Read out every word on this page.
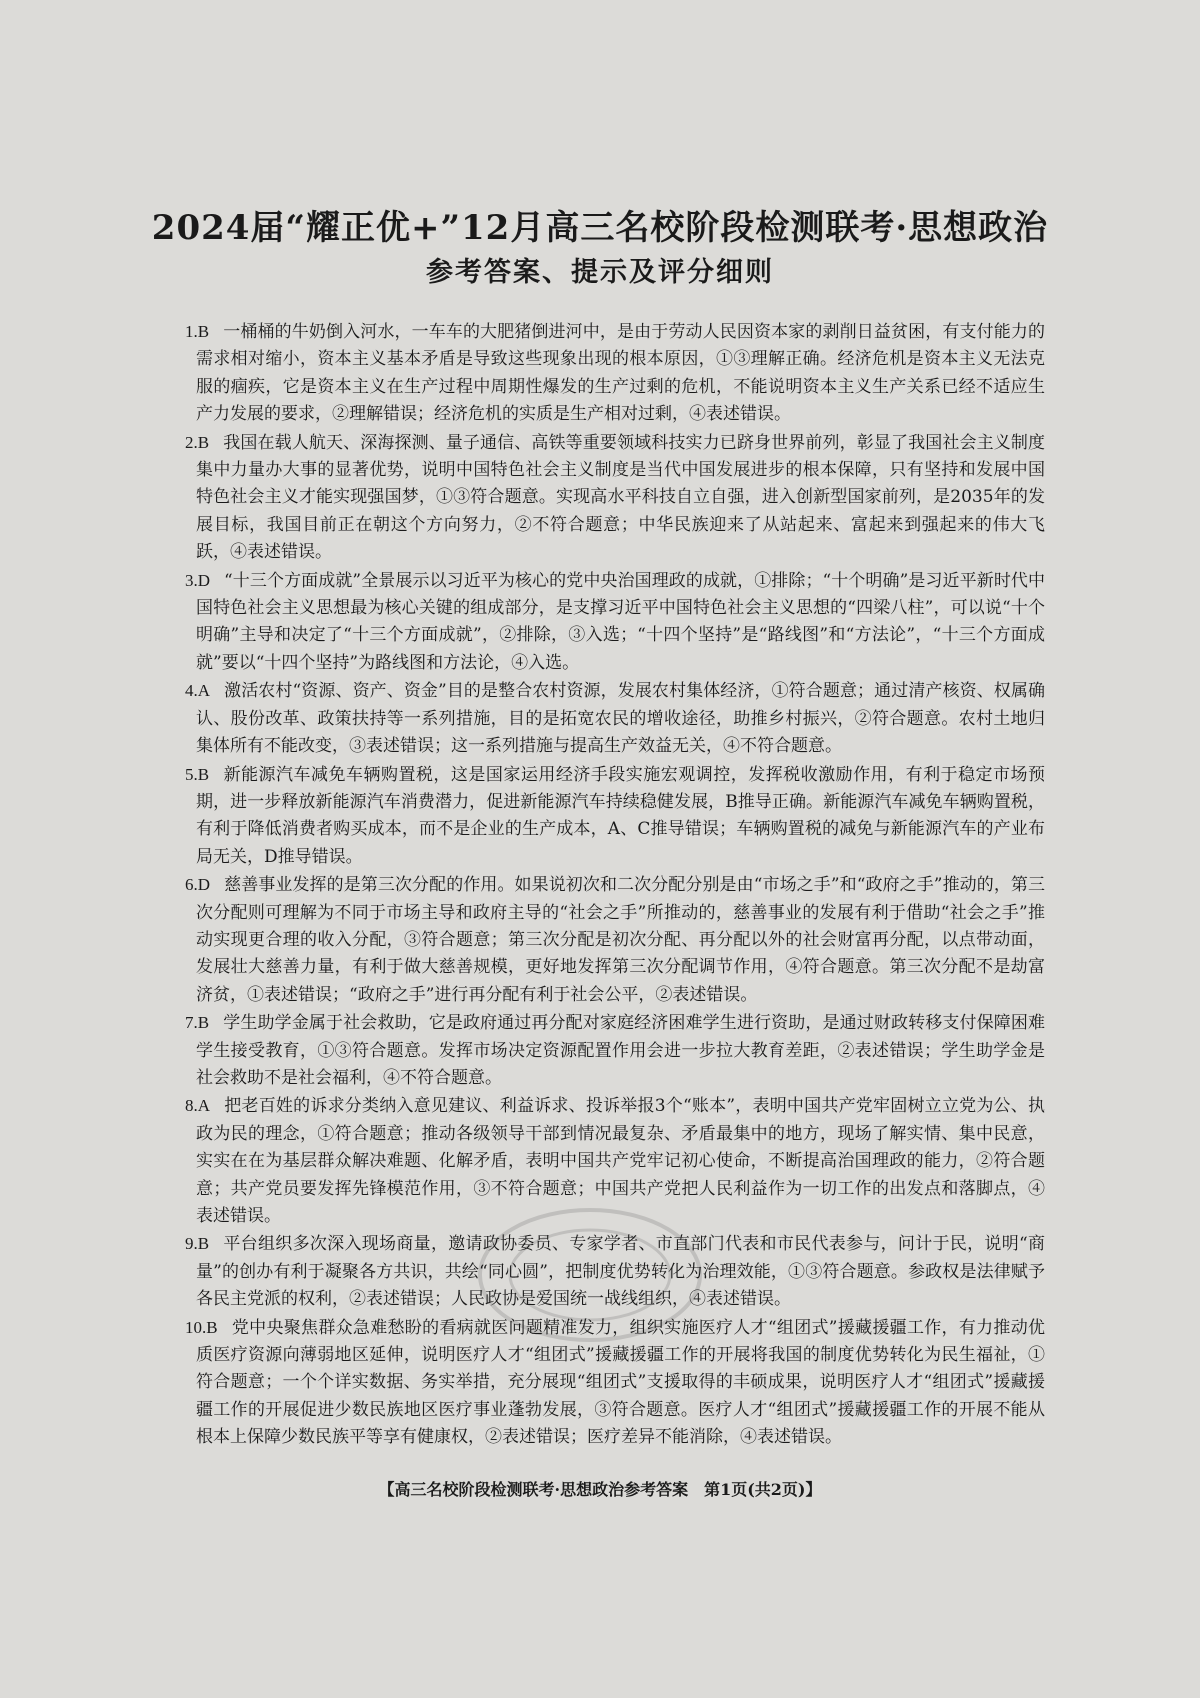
2024届“耀正优+”12月高三名校阶段检测联考·思想政治
参考答案、提示及评分细则

1.B 一桶桶的牛奶倒入河水，一车车的大肥猪倒进河中，是由于劳动人民因资本家的剥削日益贫困，有支付能力的需求相对缩小，资本主义基本矛盾是导致这些现象出现的根本原因，①③理解正确。经济危机是资本主义无法克服的痼疾，它是资本主义在生产过程中周期性爆发的生产过剩的危机，不能说明资本主义生产关系已经不适应生产力发展的要求，②理解错误；经济危机的实质是生产相对过剩，④表述错误。

2.B 我国在载人航天、深海探测、量子通信、高铁等重要领域科技实力已跻身世界前列，彰显了我国社会主义制度集中力量办大事的显著优势，说明中国特色社会主义制度是当代中国发展进步的根本保障，只有坚持和发展中国特色社会主义才能实现强国梦，①③符合题意。实现高水平科技自立自强，进入创新型国家前列，是2035年的发展目标，我国目前正在朝这个方向努力，②不符合题意；中华民族迎来了从站起来、富起来到强起来的伟大飞跃，④表述错误。

3.D “十三个方面成就”全景展示以习近平为核心的党中央治国理政的成就，①排除；“十个明确”是习近平新时代中国特色社会主义思想最为核心关键的组成部分，是支撑习近平中国特色社会主义思想的“四梁八柱”，可以说“十个明确”主导和决定了“十三个方面成就”，②排除，③入选；“十四个坚持”是“路线图”和“方法论”，“十三个方面成就”要以“十四个坚持”为路线图和方法论，④入选。

4.A 激活农村“资源、资产、资金”目的是整合农村资源，发展农村集体经济，①符合题意；通过清产核资、权属确认、股份改革、政策扶持等一系列措施，目的是拓宽农民的增收途径，助推乡村振兴，②符合题意。农村土地归集体所有不能改变，③表述错误；这一系列措施与提高生产效益无关，④不符合题意。

5.B 新能源汽车减免车辆购置税，这是国家运用经济手段实施宏观调控，发挥税收激励作用，有利于稳定市场预期，进一步释放新能源汽车消费潜力，促进新能源汽车持续稳健发展，B推导正确。新能源汽车减免车辆购置税，有利于降低消费者购买成本，而不是企业的生产成本，A、C推导错误；车辆购置税的减免与新能源汽车的产业布局无关，D推导错误。

6.D 慈善事业发挥的是第三次分配的作用。如果说初次和二次分配分别是由“市场之手”和“政府之手”推动的，第三次分配则可理解为不同于市场主导和政府主导的“社会之手”所推动的，慈善事业的发展有利于借助“社会之手”推动实现更合理的收入分配，③符合题意；第三次分配是初次分配、再分配以外的社会财富再分配，以点带动面，发展壮大慈善力量，有利于做大慈善规模，更好地发挥第三次分配调节作用，④符合题意。第三次分配不是劫富济贫，①表述错误；“政府之手”进行再分配有利于社会公平，②表述错误。

7.B 学生助学金属于社会救助，它是政府通过再分配对家庭经济困难学生进行资助，是通过财政转移支付保障困难学生接受教育，①③符合题意。发挥市场决定资源配置作用会进一步拉大教育差距，②表述错误；学生助学金是社会救助不是社会福利，④不符合题意。

8.A 把老百姓的诉求分类纳入意见建议、利益诉求、投诉举报3个“账本”，表明中国共产党牢固树立立党为公、执政为民的理念，①符合题意；推动各级领导干部到情况最复杂、矛盾最集中的地方，现场了解实情、集中民意，实实在在为基层群众解决难题、化解矛盾，表明中国共产党牢记初心使命，不断提高治国理政的能力，②符合题意；共产党员要发挥先锋模范作用，③不符合题意；中国共产党把人民利益作为一切工作的出发点和落脚点，④表述错误。

9.B 平台组织多次深入现场商量，邀请政协委员、专家学者、市直部门代表和市民代表参与，问计于民，说明“商量”的创办有利于凝聚各方共识，共绘“同心圆”，把制度优势转化为治理效能，①③符合题意。参政权是法律赋予各民主党派的权利，②表述错误；人民政协是爱国统一战线组织，④表述错误。

10.B 党中央聚焦群众急难愁盼的看病就医问题精准发力，组织实施医疗人才“组团式”援藏援疆工作，有力推动优质医疗资源向薄弱地区延伸，说明医疗人才“组团式”援藏援疆工作的开展将我国的制度优势转化为民生福祉，①符合题意；一个个详实数据、务实举措，充分展现“组团式”支援取得的丰硕成果，说明医疗人才“组团式”援藏援疆工作的开展促进少数民族地区医疗事业蓬勃发展，③符合题意。医疗人才“组团式”援藏援疆工作的开展不能从根本上保障少数民族平等享有健康权，②表述错误；医疗差异不能消除，④表述错误。

【高三名校阶段检测联考·思想政治参考答案　第1页(共2页)】
